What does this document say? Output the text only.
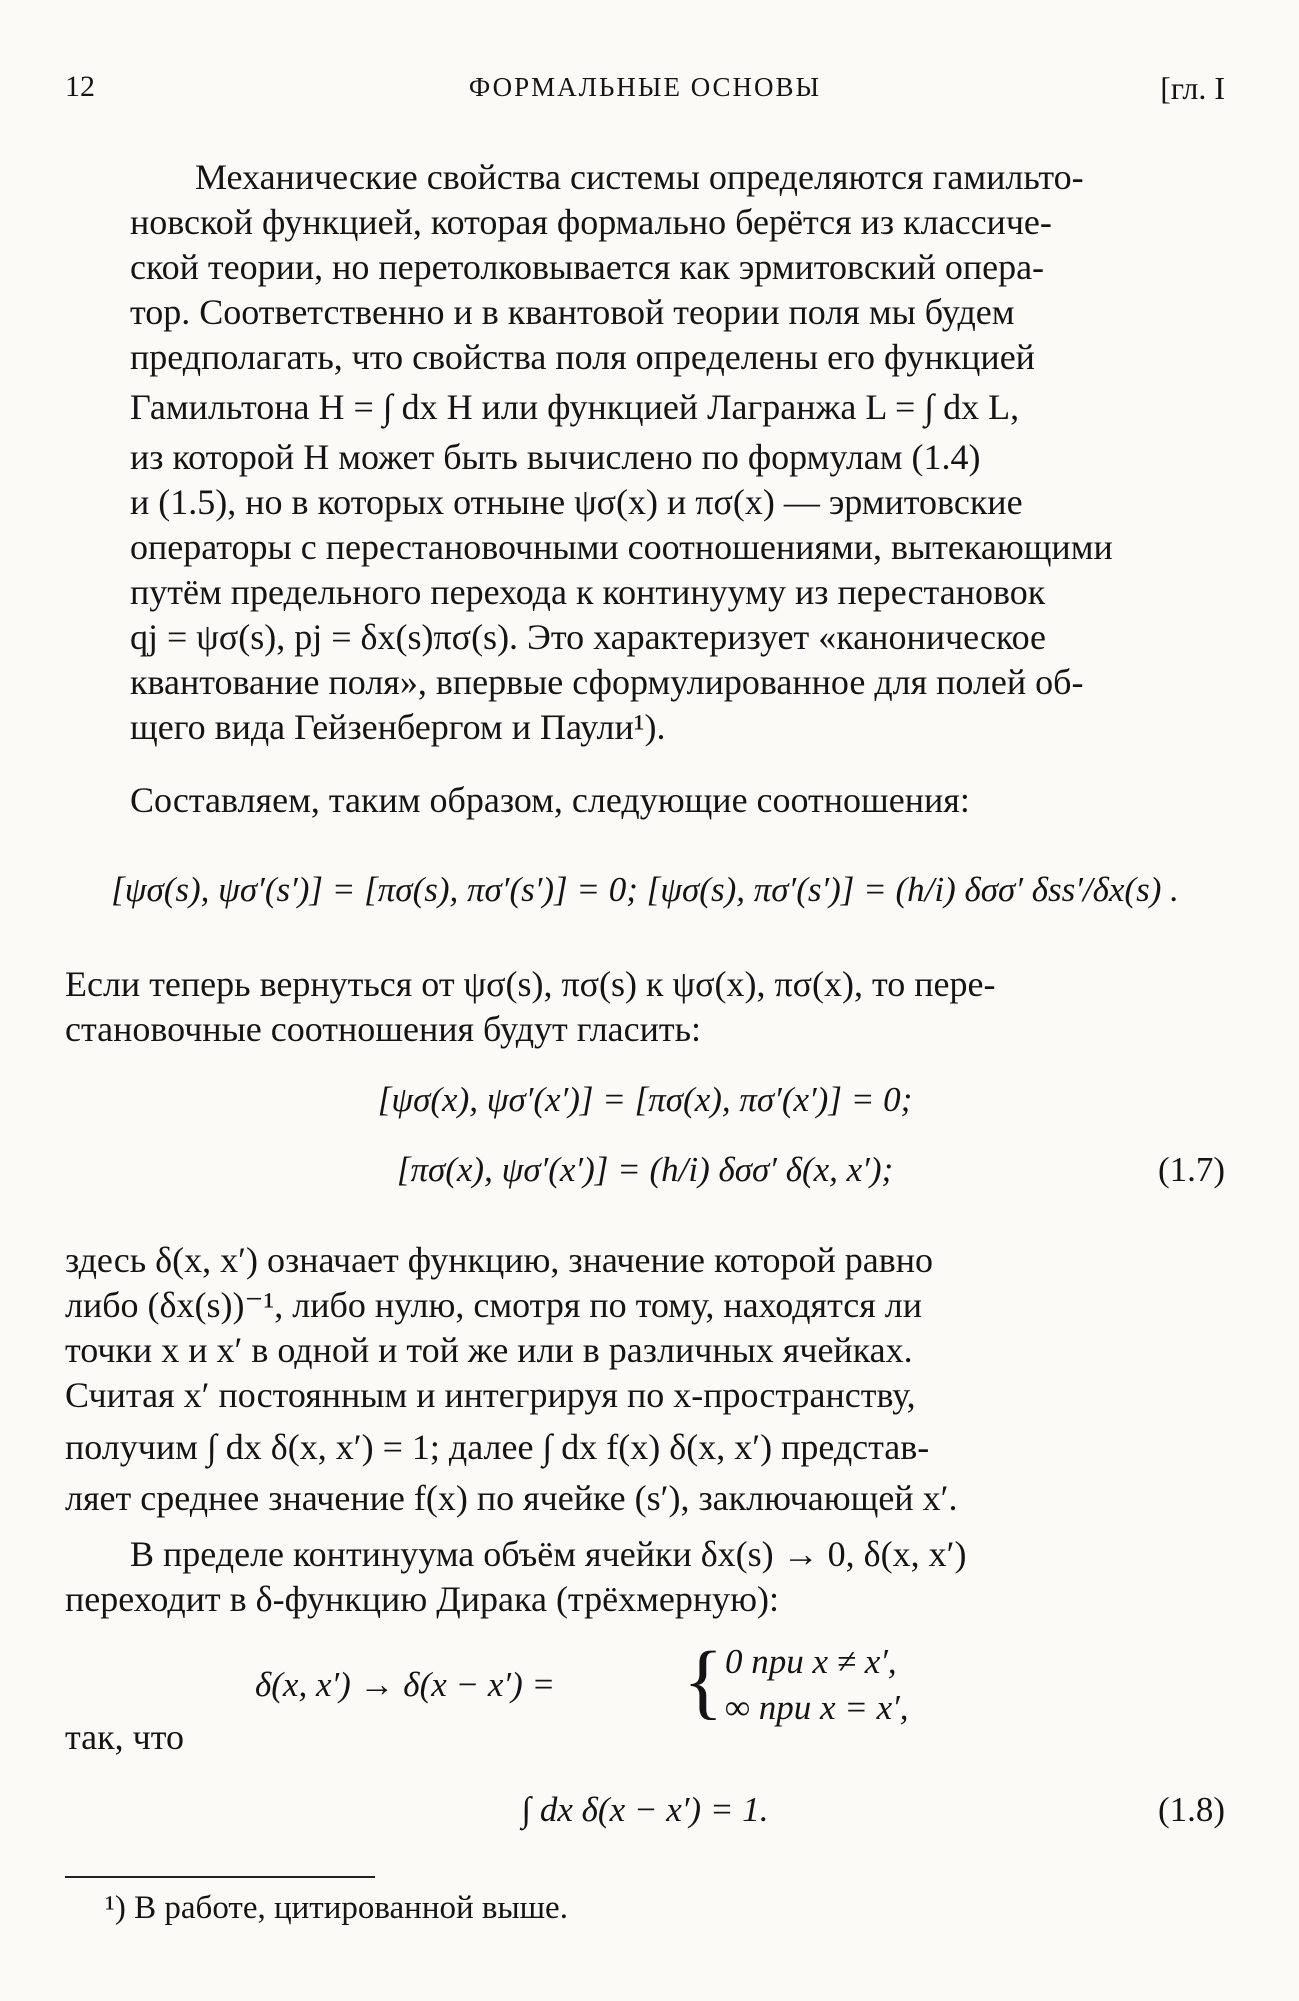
12	ФОРМАЛЬНЫЕ ОСНОВЫ	[гл. I
Механические свойства системы определяются гамильто-
новской функцией, которая формально берётся из классиче-
ской теории, но перетолковывается как эрмитовский опера-
тор. Соответственно и в квантовой теории поля мы будем
предполагать, что свойства поля определены его функцией
Гамильтона H = ∫ dx H или функцией Лагранжа L = ∫ dx L,
из которой H может быть вычислено по формулам (1.4)
и (1.5), но в которых отныне ψσ(x) и πσ(x) — эрмитовские
операторы с перестановочными соотношениями, вытекающими
путём предельного перехода к континууму из перестановок
qj = ψσ(s), pj = δx(s)πσ(s). Это характеризует «каноническое
квантование поля», впервые сформулированное для полей об-
щего вида Гейзенбергом и Паули¹).
Составляем, таким образом, следующие соотношения:
[ψσ(s), ψσ′(s′)] = [πσ(s), πσ′(s′)] = 0; [ψσ(s), πσ′(s′)] = (h/i) δσσ′ δss′/δx(s) .
Если теперь вернуться от ψσ(s), πσ(s) к ψσ(x), πσ(x), то пере-
становочные соотношения будут гласить:
[ψσ(x), ψσ′(x′)] = [πσ(x), πσ′(x′)] = 0;
[πσ(x), ψσ′(x′)] = (h/i) δσσ′ δ(x, x′);	(1.7)
здесь δ(x, x′) означает функцию, значение которой равно
либо (δx(s))⁻¹, либо нулю, смотря по тому, находятся ли
точки x и x′ в одной и той же или в различных ячейках.
Считая x′ постоянным и интегрируя по x-пространству,
получим ∫ dx δ(x, x′) = 1; далее ∫ dx f(x) δ(x, x′) представ-
ляет среднее значение f(x) по ячейке (s′), заключающей x′.
В пределе континуума объём ячейки δx(s) → 0, δ(x, x′)
переходит в δ-функцию Дирака (трёхмерную):
δ(x, x′) → δ(x − x′) = { 0 при x ≠ x′,
∞ при x = x′,
так, что
∫ dx δ(x − x′) = 1.	(1.8)
¹) В работе, цитированной выше.
